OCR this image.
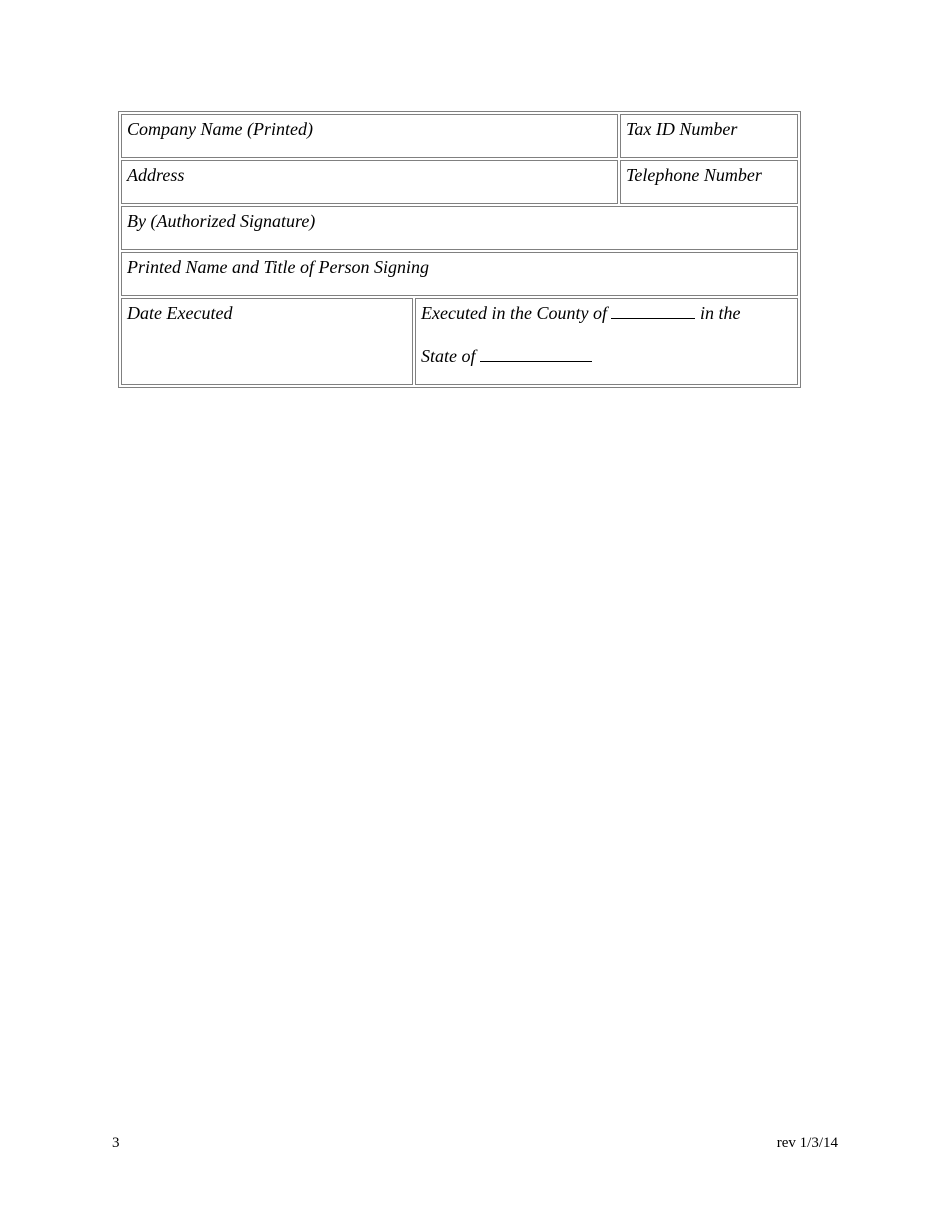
Company Name (Printed)		Tax ID Number
Address		Telephone Number
By (Authorized Signature)		
Printed Name and Title of Person Signing		
Date Executed	Executed in the County of in the
State of	
3	rev 1/3/14
